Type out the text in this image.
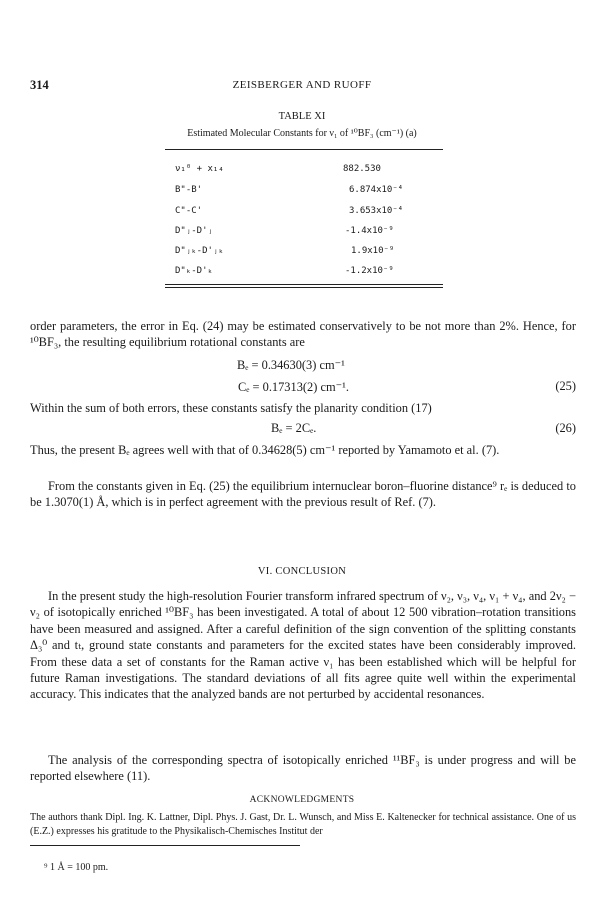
314	ZEISBERGER AND RUOFF
TABLE XI
Estimated Molecular Constants for ν₁ of ¹⁰BF₃ (cm⁻¹) (a)
ν₁⁰ + x₁₄	882.530
B"-B'	6.874x10⁻⁴
C"-C'	3.653x10⁻⁴
D"ⱼ-D'ⱼ	-1.4x10⁻⁹
D"ⱼₖ-D'ⱼₖ	1.9x10⁻⁹
D"ₖ-D'ₖ	-1.2x10⁻⁹

order parameters, the error in Eq. (24) may be estimated conservatively to be not more than 2%. Hence, for ¹⁰BF₃, the resulting equilibrium rotational constants are

Bₑ = 0.34630(3) cm⁻¹
Cₑ = 0.17313(2) cm⁻¹.	(25)

Within the sum of both errors, these constants satisfy the planarity condition (17)

Bₑ = 2Cₑ.	(26)

Thus, the present Bₑ agrees well with that of 0.34628(5) cm⁻¹ reported by Yamamoto et al. (7).

From the constants given in Eq. (25) the equilibrium internuclear boron–fluorine distance⁹ rₑ is deduced to be 1.3070(1) Å, which is in perfect agreement with the previous result of Ref. (7).

VI. CONCLUSION

In the present study the high-resolution Fourier transform infrared spectrum of ν₂, ν₃, ν₄, ν₁ + ν₄, and 2ν₂ − ν₂ of isotopically enriched ¹⁰BF₃ has been investigated. A total of about 12 500 vibration–rotation transitions have been measured and assigned. After a careful definition of the sign convention of the splitting constants Δ₃⁰ and tₜ, ground state constants and parameters for the excited states have been considerably improved. From these data a set of constants for the Raman active ν₁ has been established which will be helpful for future Raman investigations. The standard deviations of all fits agree quite well within the experimental accuracy. This indicates that the analyzed bands are not perturbed by accidental resonances.

The analysis of the corresponding spectra of isotopically enriched ¹¹BF₃ is under progress and will be reported elsewhere (11).

ACKNOWLEDGMENTS

The authors thank Dipl. Ing. K. Lattner, Dipl. Phys. J. Gast, Dr. L. Wunsch, and Miss E. Kaltenecker for technical assistance. One of us (E.Z.) expresses his gratitude to the Physikalisch-Chemisches Institut der

⁹ 1 Å = 100 pm.
